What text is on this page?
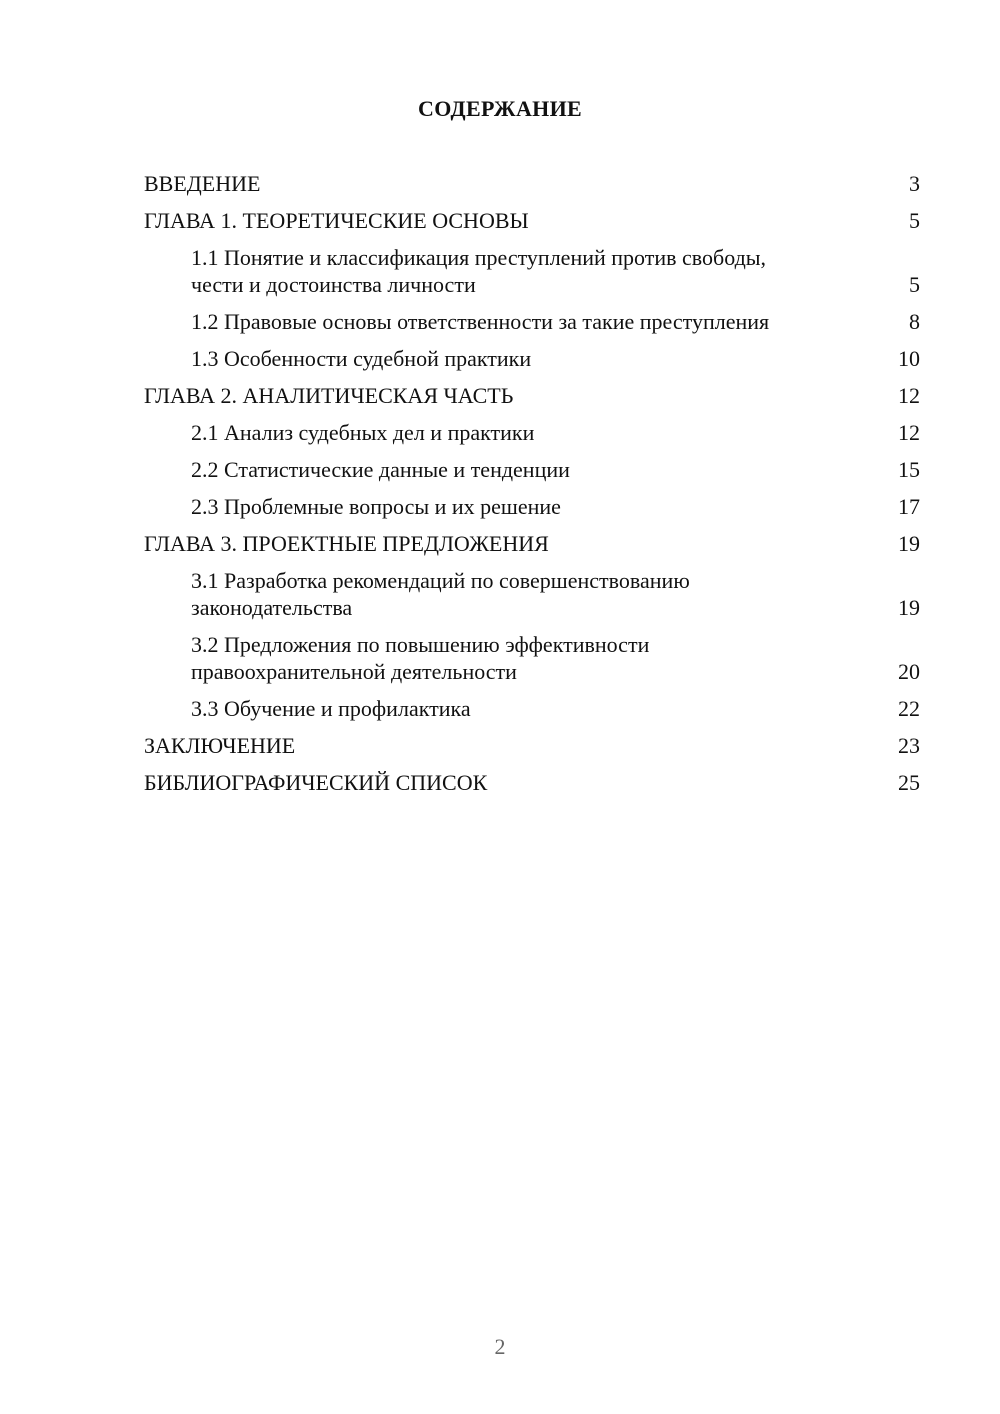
СОДЕРЖАНИЕ
ВВЕДЕНИЕ	3
ГЛАВА 1. ТЕОРЕТИЧЕСКИЕ ОСНОВЫ	5
1.1 Понятие и классификация преступлений против свободы, чести и достоинства личности	5
1.2 Правовые основы ответственности за такие преступления	8
1.3 Особенности судебной практики	10
ГЛАВА 2. АНАЛИТИЧЕСКАЯ ЧАСТЬ	12
2.1 Анализ судебных дел и практики	12
2.2 Статистические данные и тенденции	15
2.3 Проблемные вопросы и их решение	17
ГЛАВА 3. ПРОЕКТНЫЕ ПРЕДЛОЖЕНИЯ	19
3.1 Разработка рекомендаций по совершенствованию законодательства	19
3.2 Предложения по повышению эффективности правоохранительной деятельности	20
3.3 Обучение и профилактика	22
ЗАКЛЮЧЕНИЕ	23
БИБЛИОГРАФИЧЕСКИЙ СПИСОК	25
2
